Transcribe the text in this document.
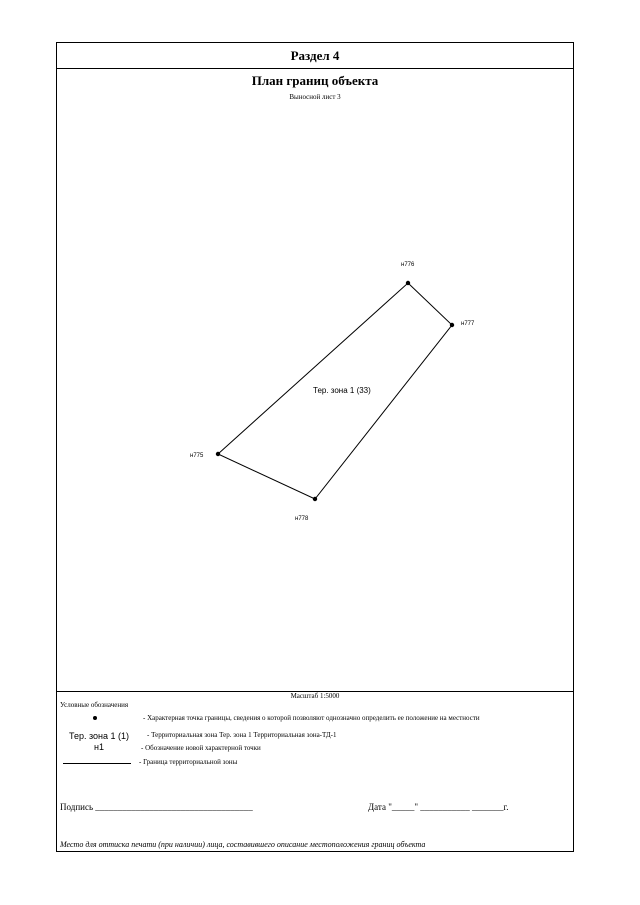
Раздел 4
План границ объекта
Выносной лист 3
н776
н777
н775
н778
Тер. зона 1 (33)
Масштаб 1:5000
Условные обозначения
- Характерная точка границы, сведения о которой позволяют однозначно определить ее положение на местности
Тер. зона 1 (1)
н1
- Территориальная зона Тер. зона 1 Территориальная зона-ТД-1
- Обозначение новой характерной точки
- Граница территориальной зоны
Подпись ___________________________________	Дата "_____" ___________ _______г.
Место для оттиска печати (при наличии) лица, составившего описание местоположения границ объекта
